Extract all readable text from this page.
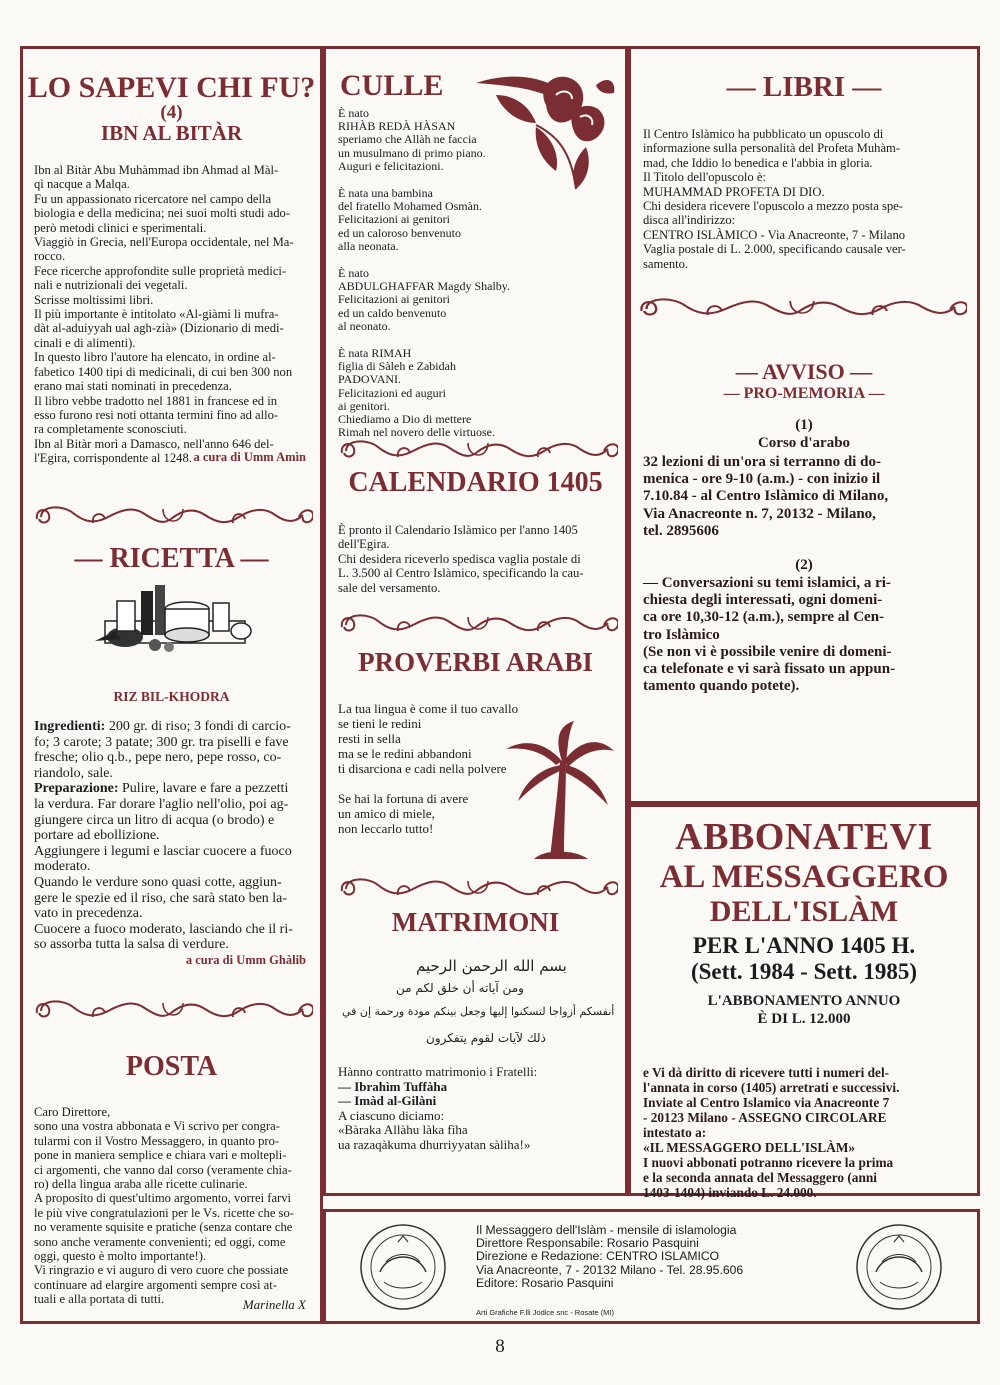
LO SAPEVI CHI FU?
(4)
IBN AL BITÀR
Ibn al Bitàr Abu Muhàmmad ibn Ahmad al Màl-
qì nacque a Malqa.
Fu un appassionato ricercatore nel campo della
biologia e della medicina; nei suoi molti studi ado-
però metodi clinici e sperimentali.
Viaggiò in Grecia, nell'Europa occidentale, nel Ma-
rocco.
Fece ricerche approfondite sulle proprietà medici-
nali e nutrizionali dei vegetali.
Scrisse moltissimi libri.
Il più importante è intitolato «Al-giàmi li mufra-
dàt al-aduiyyah ual agh-zià» (Dizionario di medi-
cinali e di alimenti).
In questo libro l'autore ha elencato, in ordine al-
fabetico 1400 tipi di medicinali, di cui ben 300 non
erano mai stati nominati in precedenza.
Il libro vebbe tradotto nel 1881 in francese ed in
esso furono resi noti ottanta termini fino ad allo-
ra completamente sconosciuti.
Ibn al Bitàr morì a Damasco, nell'anno 646 del-
l'Egira, corrispondente al 1248. a cura di Umm Amìn
— RICETTA —
RIZ BIL-KHODRA
Ingredienti: 200 gr. di riso; 3 fondi di carcio-
fo; 3 carote; 3 patate; 300 gr. tra piselli e fave
fresche; olio q.b., pepe nero, pepe rosso, co-
riandolo, sale.
Preparazione: Pulire, lavare e fare a pezzetti
la verdura. Far dorare l'aglio nell'olio, poi ag-
giungere circa un litro di acqua (o brodo) e
portare ad ebollizione.
Aggiungere i legumi e lasciar cuocere a fuoco
moderato.
Quando le verdure sono quasi cotte, aggiun-
gere le spezie ed il riso, che sarà stato ben la-
vato in precedenza.
Cuocere a fuoco moderato, lasciando che il ri-
so assorba tutta la salsa di verdure.
a cura di Umm Ghàlib
POSTA
Caro Direttore,
sono una vostra abbonata e Vi scrivo per congra-
tularmi con il Vostro Messaggero, in quanto pro-
pone in maniera semplice e chiara vari e moltepli-
ci argomenti, che vanno dal corso (veramente chia-
ro) della lingua araba alle ricette culinarie.
A proposito di quest'ultimo argomento, vorrei farvi
le più vive congratulazioni per le Vs. ricette che so-
no veramente squisite e pratiche (senza contare che
sono anche veramente convenienti; ed oggi, come
oggi, questo è molto importante!).
Vi ringrazio e vi auguro di vero cuore che possiate
continuare ad elargire argomenti sempre così at-
tuali e alla portata di tutti.	Marinella X
CULLE
È nato
RIHÀB REDÀ HÀSAN
speriamo che Allàh ne faccia
un musulmano di primo piano.
Auguri e felicitazioni.
È nata una bambina
del fratello Mohamed Osmàn.
Felicitazioni ai genitori
ed un caloroso benvenuto
alla neonata.
È nato
ABDULGHAFFAR Magdy Shalby.
Felicitazioni ai genitori
ed un caldo benvenuto
al neonato.
È nata RIMAH
figlia di Sàleh e Zabidah
PADOVANI.
Felicitazioni ed auguri
ai genitori.
Chiediamo a Dio di mettere
Rimah nel novero delle virtuose.
CALENDARIO 1405
È pronto il Calendario Islàmico per l'anno 1405
dell'Egira.
Chi desidera riceverlo spedisca vaglia postale di
L. 3.500 al Centro Islàmico, specificando la cau-
sale del versamento.
PROVERBI ARABI
La tua lingua è come il tuo cavallo
se tieni le redini
resti in sella
ma se le redini abbandoni
ti disarciona e cadi nella polvere

Se hai la fortuna di avere
un amico di miele,
non leccarlo tutto!
MATRIMONI
بسم الله الرحمن الرحيم
ومن آياته أن خلق لكم من
أنفسكم أزواجا لتسكنوا إليها وجعل بينكم مودة ورحمة إن في
ذلك لآيات لقوم يتفكرون
Hànno contratto matrimonio i Fratelli:
— Ibrahìm Tuffàha
— Imàd al-Gilàni
A ciascuno diciamo:
«Bàraka Allàhu làka fìha
ua razaqàkuma dhurriyyatan sàliha!»
— LIBRI —
Il Centro Islàmico ha pubblicato un opuscolo di
informazione sulla personalità del Profeta Muhàm-
mad, che Iddio lo benedica e l'abbia in gloria.
Il Titolo dell'opuscolo è:
MUHAMMAD PROFETA DI DIO.
Chi desidera ricevere l'opuscolo a mezzo posta spe-
disca all'indirizzo:
CENTRO ISLÀMICO - Via Anacreonte, 7 - Milano
Vaglia postale di L. 2.000, specificando causale ver-
samento.
— AVVISO —
— PRO-MEMORIA —
(1)
Corso d'arabo
32 lezioni di un'ora si terranno di do-
menica - ore 9-10 (a.m.) - con inizio il
7.10.84 - al Centro Islàmico di Milano,
Via Anacreonte n. 7, 20132 - Milano,
tel. 2895606
(2)
— Conversazioni su temi islamici, a ri-
chiesta degli interessati, ogni domeni-
ca ore 10,30-12 (a.m.), sempre al Cen-
tro Islàmico
(Se non vi è possibile venire di domeni-
ca telefonate e vi sarà fissato un appun-
tamento quando potete).
ABBONATEVI
AL MESSAGGERO
DELL'ISLÀM
PER L'ANNO 1405 H.
(Sett. 1984 - Sett. 1985)
L'ABBONAMENTO ANNUO
È DI L. 12.000
e Vi dà diritto di ricevere tutti i numeri del-
l'annata in corso (1405) arretrati e successivi.
Inviate al Centro Islamico via Anacreonte 7
- 20123 Milano - ASSEGNO CIRCOLARE
intestato a:
«IL MESSAGGERO DELL'ISLÀM»
I nuovi abbonati potranno ricevere la prima
e la seconda annata del Messaggero (anni
1403-1404) inviando L. 24.000.
Il Messaggero dell'Islàm - mensile di islamologia
Direttore Responsabile: Rosario Pasquini
Direzione e Redazione: CENTRO ISLAMICO
Via Anacreonte, 7 - 20132 Milano - Tel. 28.95.606
Editore: Rosario Pasquini
Arti Grafiche F.lli Jodice snc - Rosate (MI)
8
